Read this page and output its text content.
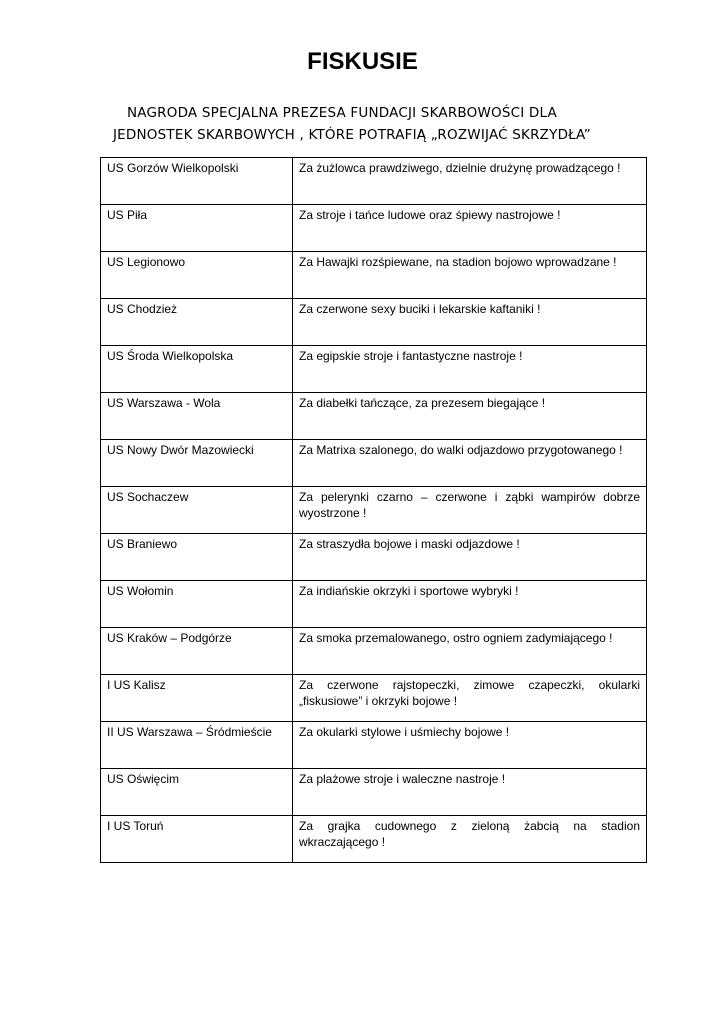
FISKUSIE

NAGRODA SPECJALNA PREZESA FUNDACJI SKARBOWOŚCI DLA

JEDNOSTEK SKARBOWYCH , KTÓRE POTRAFIĄ „ROZWIJAĆ SKRZYDŁA”

US Gorzów Wielkopolski	Za żużlowca prawdziwego, dzielnie drużynę prowadzącego !
US Piła	Za stroje i tańce ludowe oraz śpiewy nastrojowe !
US Legionowo	Za Hawajki rozśpiewane, na stadion bojowo wprowadzane !
US Chodzież	Za czerwone sexy buciki i lekarskie kaftaniki !
US Środa Wielkopolska	Za egipskie stroje i fantastyczne nastroje !
US Warszawa - Wola	Za diabełki tańczące, za prezesem biegające !
US Nowy Dwór Mazowiecki	Za Matrixa szalonego, do walki odjazdowo przygotowanego !
US Sochaczew	Za pelerynki czarno – czerwone i ząbki wampirów dobrze wyostrzone !
US Braniewo	Za straszydła bojowe i maski odjazdowe !
US Wołomin	Za indiańskie okrzyki i sportowe wybryki !
US Kraków – Podgórze	Za smoka przemalowanego, ostro ogniem zadymiającego !
I US Kalisz	Za czerwone rajstopeczki, zimowe czapeczki, okularki „fiskusiowe” i okrzyki bojowe !
II US Warszawa – Śródmieście	Za okularki stylowe i uśmiechy bojowe !
US Oświęcim	Za plażowe stroje i waleczne nastroje !
I US Toruń	Za grajka cudownego z zieloną żabcią na stadion wkraczającego !
